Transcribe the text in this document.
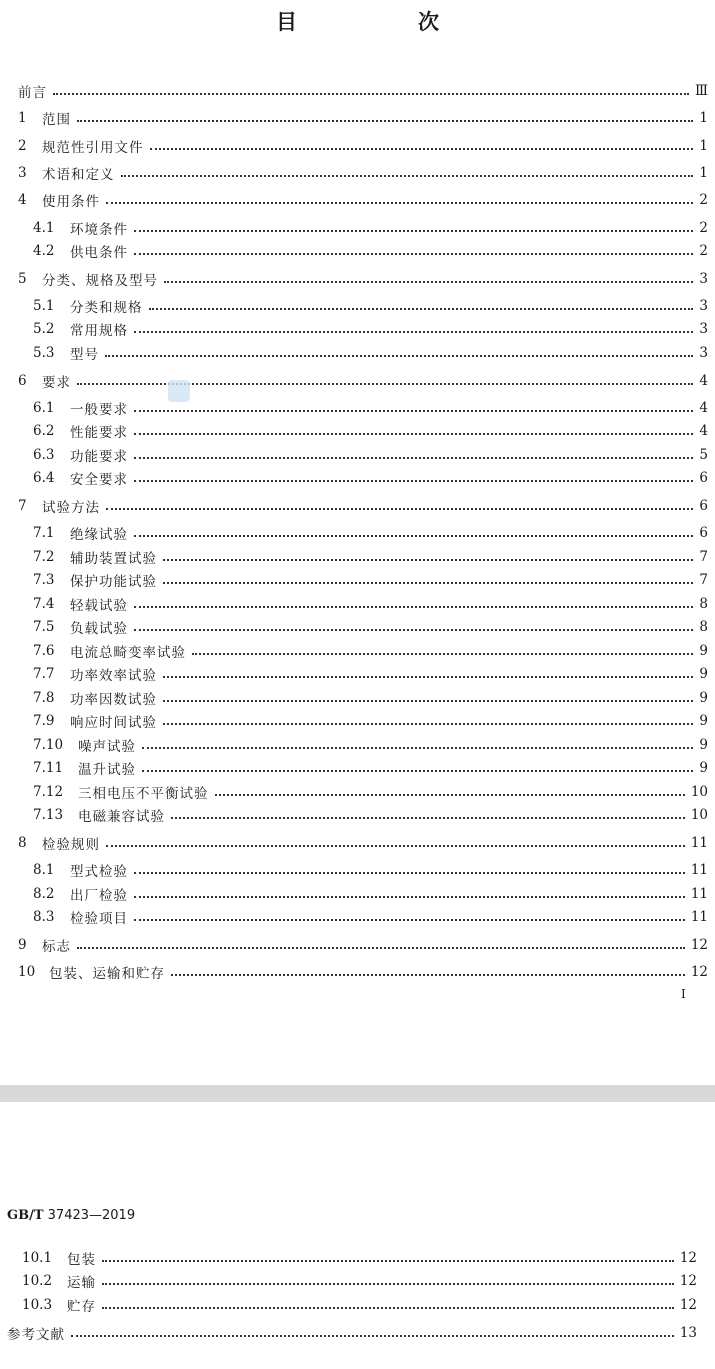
目　次
前言	Ⅲ
1	范围	1
2	规范性引用文件	1
3	术语和定义	1
4	使用条件	2
4.1	环境条件	2
4.2	供电条件	2
5	分类、规格及型号	3
5.1	分类和规格	3
5.2	常用规格	3
5.3	型号	3
6	要求	4
6.1	一般要求	4
6.2	性能要求	4
6.3	功能要求	5
6.4	安全要求	6
7	试验方法	6
7.1	绝缘试验	6
7.2	辅助装置试验	7
7.3	保护功能试验	7
7.4	轻载试验	8
7.5	负载试验	8
7.6	电流总畸变率试验	9
7.7	功率效率试验	9
7.8	功率因数试验	9
7.9	响应时间试验	9
7.10	噪声试验	9
7.11	温升试验	9
7.12	三相电压不平衡试验	10
7.13	电磁兼容试验	10
8	检验规则	11
8.1	型式检验	11
8.2	出厂检验	11
8.3	检验项目	11
9	标志	12
10	包装、运输和贮存	12
I
GB/T 37423—2019
10.1	包装	12
10.2	运输	12
10.3	贮存	12
参考文献	13
